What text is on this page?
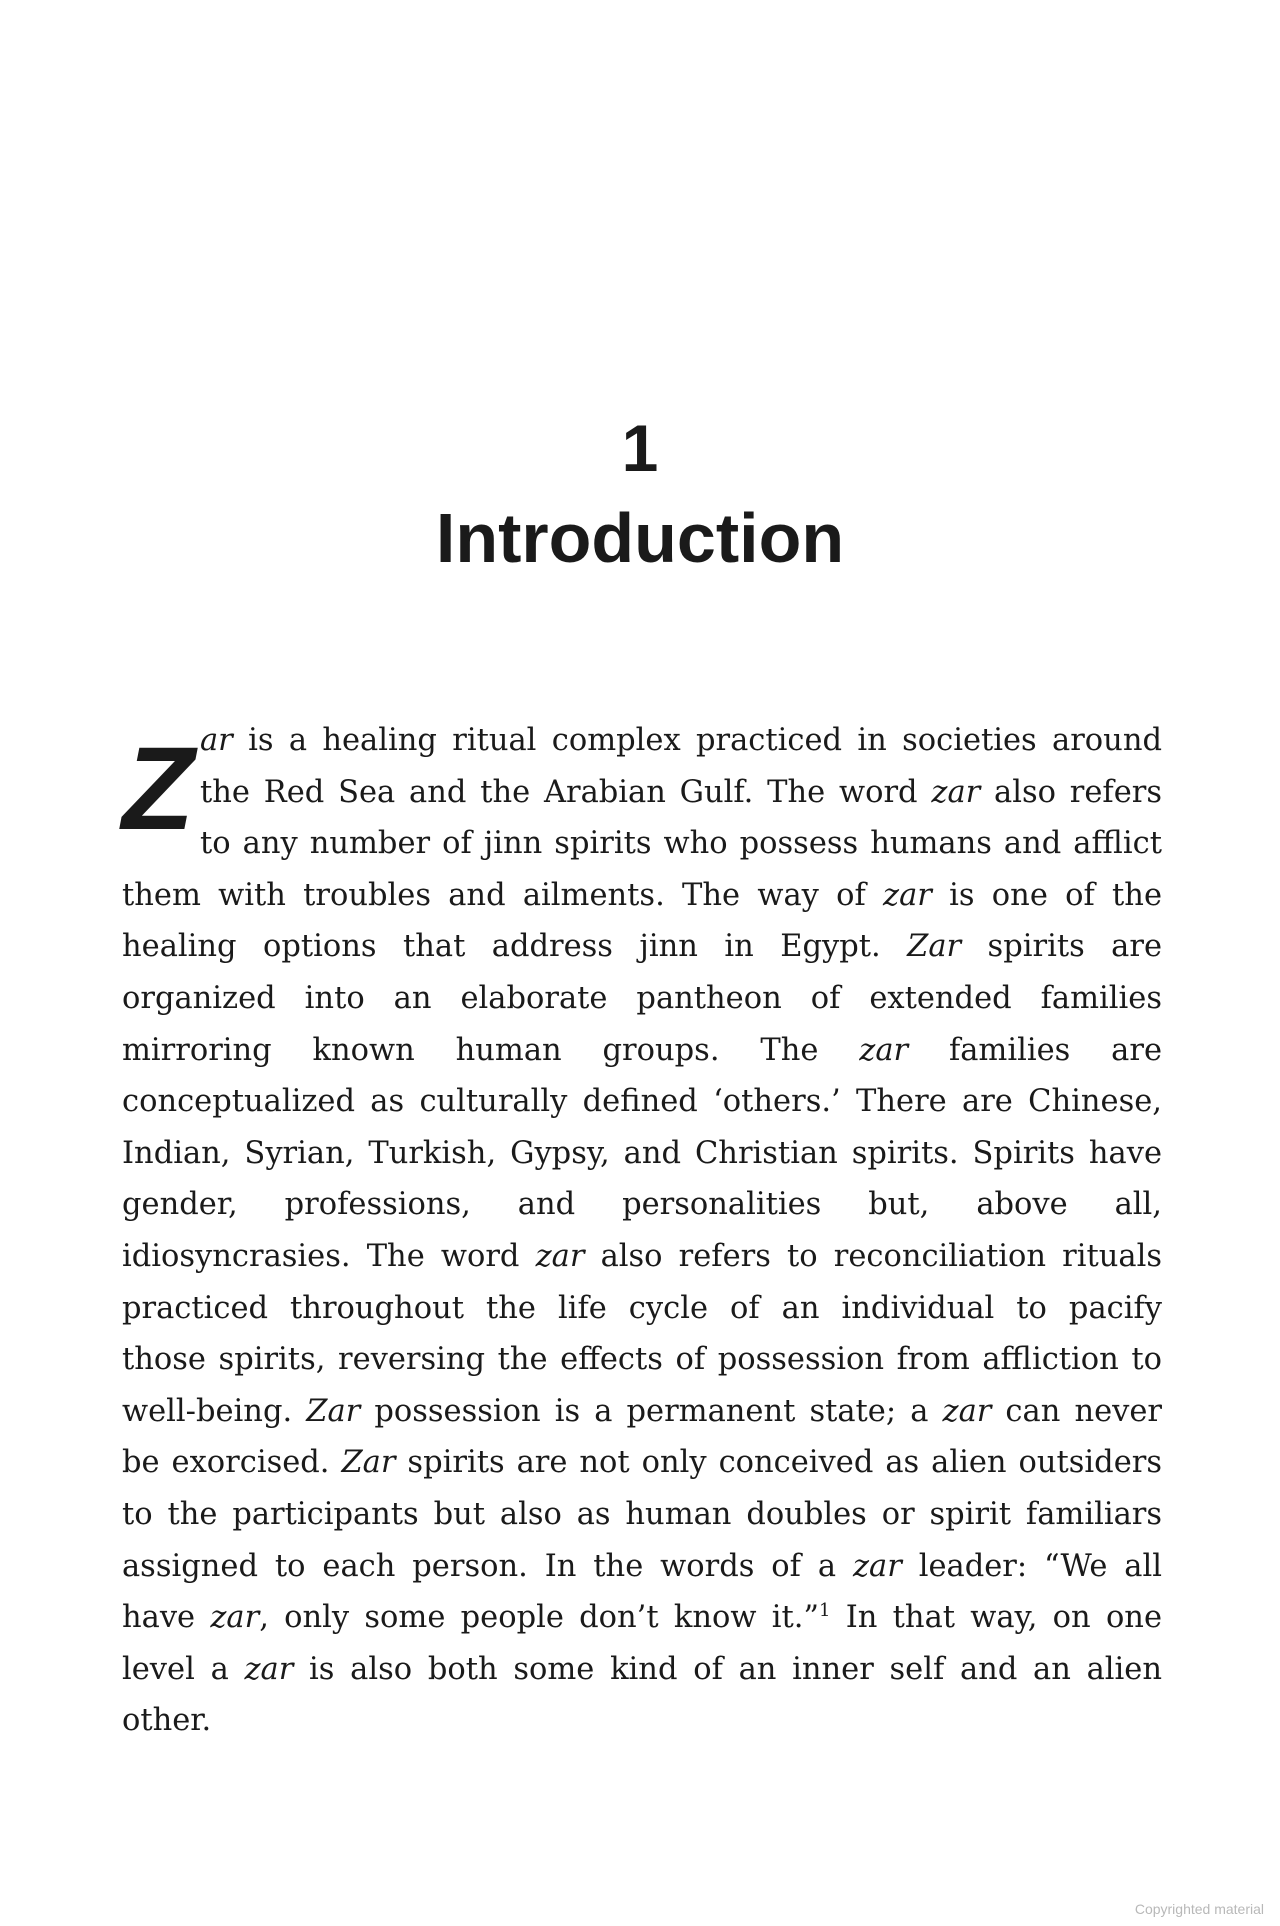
1
Introduction
Z ar is a healing ritual complex practiced in societies around
the Red Sea and the Arabian Gulf. The word zar also refers
to any number of jinn spirits who possess humans and afflict
them with troubles and ailments. The way of zar is one of the
healing options that address jinn in Egypt. Zar spirits are
organized into an elaborate pantheon of extended families
mirroring known human groups. The zar families are
conceptualized as culturally defined ‘others.’ There are Chinese,
Indian, Syrian, Turkish, Gypsy, and Christian spirits. Spirits have
gender, professions, and personalities but, above all,
idiosyncrasies. The word zar also refers to reconciliation rituals
practiced throughout the life cycle of an individual to pacify
those spirits, reversing the effects of possession from affliction to
well-being. Zar possession is a permanent state; a zar can never
be exorcised. Zar spirits are not only conceived as alien outsiders
to the participants but also as human doubles or spirit familiars
assigned to each person. In the words of a zar leader: “We all
have zar, only some people don’t know it.”$^1$ In that way, on one
level a zar is also both some kind of an inner self and an alien
other.
Copyrighted material
